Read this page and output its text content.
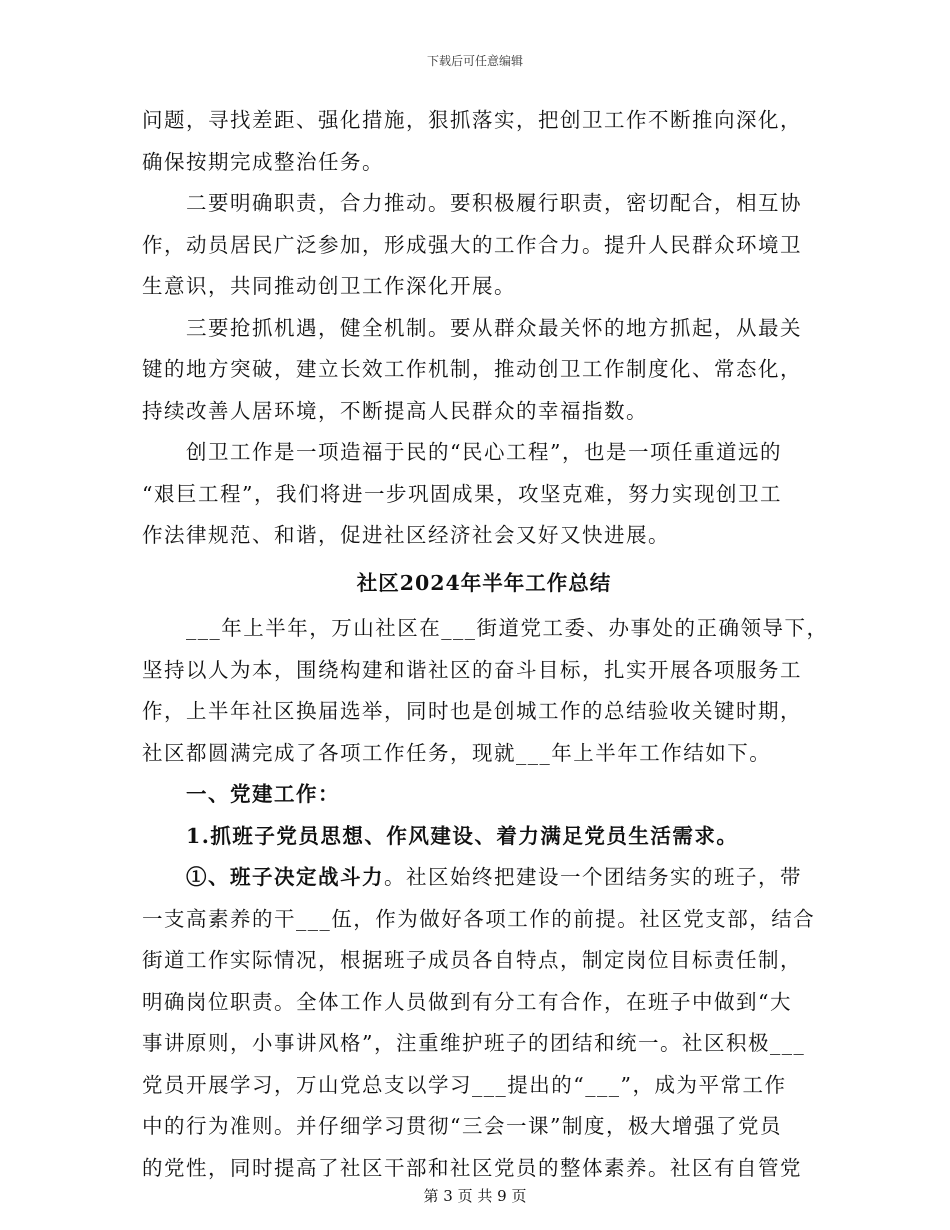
下载后可任意编辑
问题，寻找差距、强化措施，狠抓落实，把创卫工作不断推向深化，
确保按期完成整治任务。
　　二要明确职责，合力推动。要积极履行职责，密切配合，相互协
作，动员居民广泛参加，形成强大的工作合力。提升人民群众环境卫
生意识，共同推动创卫工作深化开展。
　　三要抢抓机遇，健全机制。要从群众最关怀的地方抓起，从最关
键的地方突破，建立长效工作机制，推动创卫工作制度化、常态化，
持续改善人居环境，不断提高人民群众的幸福指数。
　　创卫工作是一项造福于民的“民心工程”，也是一项任重道远的
“艰巨工程”，我们将进一步巩固成果，攻坚克难，努力实现创卫工
作法律规范、和谐，促进社区经济社会又好又快进展。
社区2024年半年工作总结
　　___年上半年，万山社区在___街道党工委、办事处的正确领导下，
坚持以人为本，围绕构建和谐社区的奋斗目标，扎实开展各项服务工
作，上半年社区换届选举，同时也是创城工作的总结验收关键时期，
社区都圆满完成了各项工作任务，现就___年上半年工作结如下。
　　一、党建工作：
　　1.抓班子党员思想、作风建设、着力满足党员生活需求。
　　①、班子决定战斗力。社区始终把建设一个团结务实的班子，带
一支高素养的干___伍，作为做好各项工作的前提。社区党支部，结合
街道工作实际情况，根据班子成员各自特点，制定岗位目标责任制，
明确岗位职责。全体工作人员做到有分工有合作，在班子中做到“大
事讲原则，小事讲风格”，注重维护班子的团结和统一。社区积极___
党员开展学习，万山党总支以学习___提出的“___”，成为平常工作
中的行为准则。并仔细学习贯彻“三会一课”制度，极大增强了党员
的党性，同时提高了社区干部和社区党员的整体素养。社区有自管党
第 3 页 共 9 页
